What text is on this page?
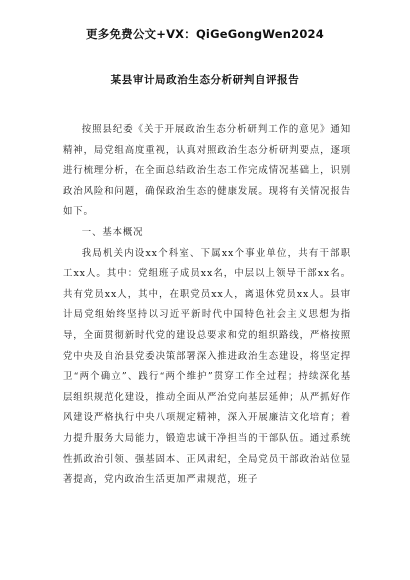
更多免费公文+VX：QiGeGongWen2024
某县审计局政治生态分析研判自评报告

按照县纪委《关于开展政治生态分析研判工作的意见》通知精神，局党组高度重视，认真对照政治生态分析研判要点，逐项进行梳理分析，在全面总结政治生态工作完成情况基础上，识别政治风险和问题，确保政治生态的健康发展。现将有关情况报告如下。

一、基本概况

我局机关内设xx个科室、下属xx个事业单位，共有干部职工xx人。其中：党组班子成员xx名，中层以上领导干部xx名。共有党员xx人，其中，在职党员xx人，离退休党员xx人。县审计局党组始终坚持以习近平新时代中国特色社会主义思想为指导，全面贯彻新时代党的建设总要求和党的组织路线，严格按照党中央及自治县党委决策部署深入推进政治生态建设，将坚定捍卫“两个确立”、践行“两个维护”贯穿工作全过程；持续深化基层组织规范化建设，推动全面从严治党向基层延伸；从严抓好作风建设严格执行中央八项规定精神，深入开展廉洁文化培育；着力提升服务大局能力，锻造忠诚干净担当的干部队伍。通过系统性抓政治引领、强基固本、正风肃纪，全局党员干部政治站位显著提高，党内政治生活更加严肃规范，班子
